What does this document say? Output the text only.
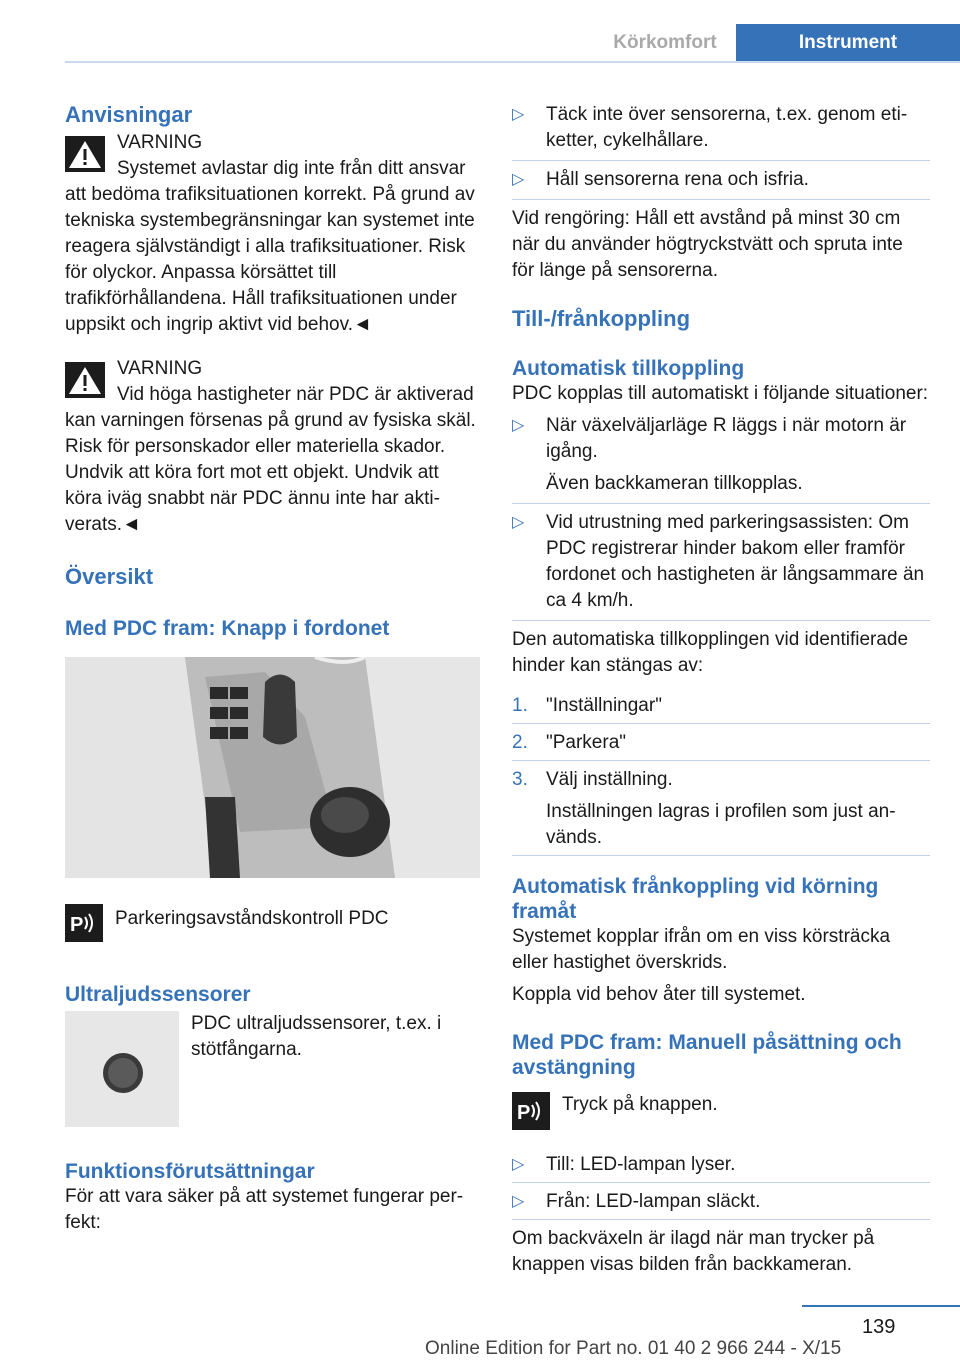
Körkomfort	Instrument
Anvisningar

VARNING

Systemet avlastar dig inte från ditt ansvar att bedöma trafiksituationen korrekt. På grund av tekniska systembegränsningar kan systemet inte reagera självständigt i alla trafiksituationer. Risk för olyckor. Anpassa körsättet till trafikförhållandena. Håll trafiksituationen under uppsikt och ingrip aktivt vid behov.◄

VARNING

Vid höga hastigheter när PDC är aktiverad kan varningen försenas på grund av fysiska skäl. Risk för personskador eller materiella skador. Undvik att köra fort mot ett objekt. Undvik att köra iväg snabbt när PDC ännu inte har aktiverats.◄

Översikt
Med PDC fram: Knapp i fordonet
P	Parkeringsavståndskontroll PDC

Ultraljudssensorer

PDC ultraljudssensorer, t.ex. i stötfångarna.

Funktionsförutsättningar

För att vara säker på att systemet fungerar perfekt:

▷ Täck inte över sensorerna, t.ex. genom etiketter, cykelhållare.
▷ Håll sensorerna rena och isfria.

Vid rengöring: Håll ett avstånd på minst 30 cm när du använder högtryckstvätt och spruta inte för länge på sensorerna.

Till-/frånkoppling
Automatisk tillkoppling

PDC kopplas till automatiskt i följande situationer:

▷ När växelväljarläge R läggs i när motorn är igång.
Även backkameran tillkopplas.
▷ Vid utrustning med parkeringsassisten: Om PDC registrerar hinder bakom eller framför fordonet och hastigheten är långsammare än ca 4 km/h.

Den automatiska tillkopplingen vid identifierade hinder kan stängas av:

1. "Inställningar"
2. "Parkera"
3. Välj inställning.
Inställningen lagras i profilen som just används.
Automatisk frånkoppling vid körning framåt

Systemet kopplar ifrån om en viss körsträcka eller hastighet överskrids.

Koppla vid behov åter till systemet.

Med PDC fram: Manuell påsättning och avstängning
P	Tryck på knappen.

▷ Till: LED-lampan lyser.
▷ Från: LED-lampan släckt.

Om backväxeln är ilagd när man trycker på knappen visas bilden från backkameran.

139
Online Edition for Part no. 01 40 2 966 244 - X/15
